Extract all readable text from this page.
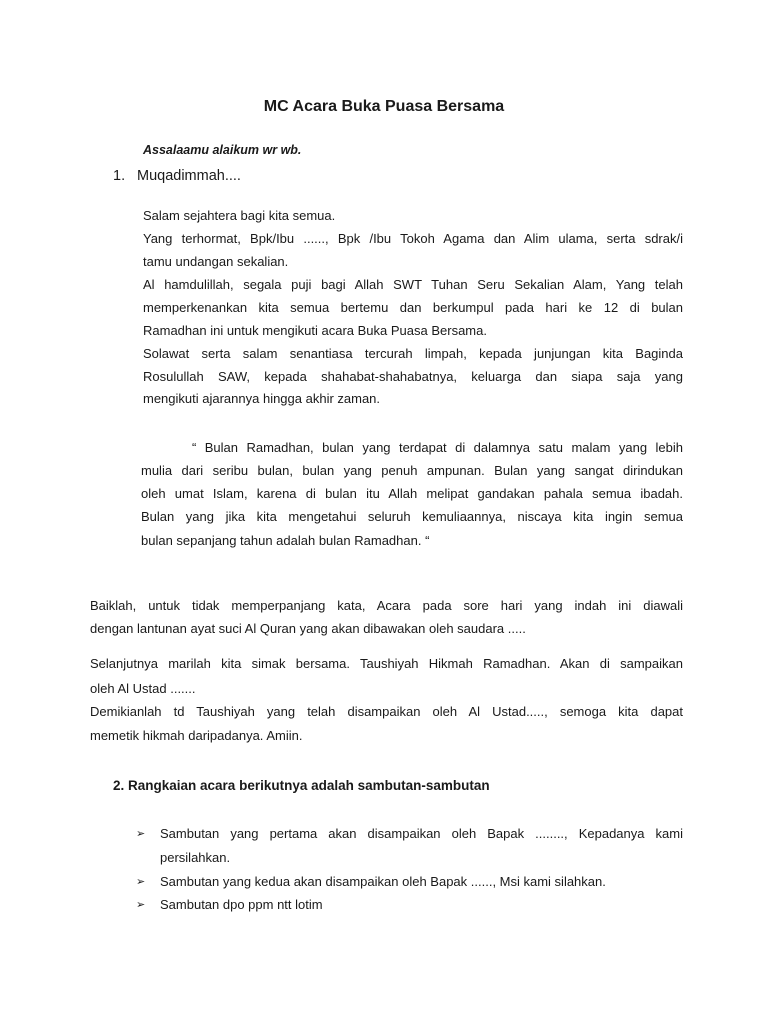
MC Acara Buka Puasa Bersama
Assalaamu alaikum wr wb.
1. Muqadimmah....
Salam sejahtera bagi kita semua.
Yang terhormat, Bpk/Ibu ......, Bpk /Ibu Tokoh Agama dan Alim ulama, serta sdrak/i
tamu undangan sekalian.
Al hamdulillah, segala puji bagi Allah SWT Tuhan Seru Sekalian Alam, Yang telah
memperkenankan kita semua bertemu dan berkumpul pada hari ke 12 di bulan
Ramadhan ini untuk mengikuti acara Buka Puasa Bersama.
Solawat serta salam senantiasa tercurah limpah, kepada junjungan kita Baginda
Rosulullah SAW, kepada shahabat-shahabatnya, keluarga dan siapa saja yang
mengikuti ajarannya hingga akhir zaman.
“ Bulan Ramadhan, bulan yang terdapat di dalamnya satu malam yang lebih
mulia dari seribu bulan, bulan yang penuh ampunan. Bulan yang sangat dirindukan
oleh umat Islam, karena di bulan itu Allah melipat gandakan pahala semua ibadah.
Bulan yang jika kita mengetahui seluruh kemuliaannya, niscaya kita ingin semua
bulan sepanjang tahun adalah bulan Ramadhan. “
Baiklah, untuk tidak memperpanjang kata, Acara pada sore hari yang indah ini diawali
dengan lantunan ayat suci Al Quran yang akan dibawakan oleh saudara .....
Selanjutnya marilah kita simak bersama. Taushiyah Hikmah Ramadhan. Akan di sampaikan
oleh Al Ustad .......
Demikianlah td Taushiyah yang telah disampaikan oleh Al Ustad....., semoga kita dapat
memetik hikmah daripadanya. Amiin.
Sambutan yang pertama akan disampaikan oleh Bapak ........, Kepadanya kami
persilahkan.
Sambutan yang kedua akan disampaikan oleh Bapak ......, Msi kami silahkan.
Sambutan dpo ppm ntt lotim
➢
➢
➢
2. Rangkaian acara berikutnya adalah sambutan-sambutan
